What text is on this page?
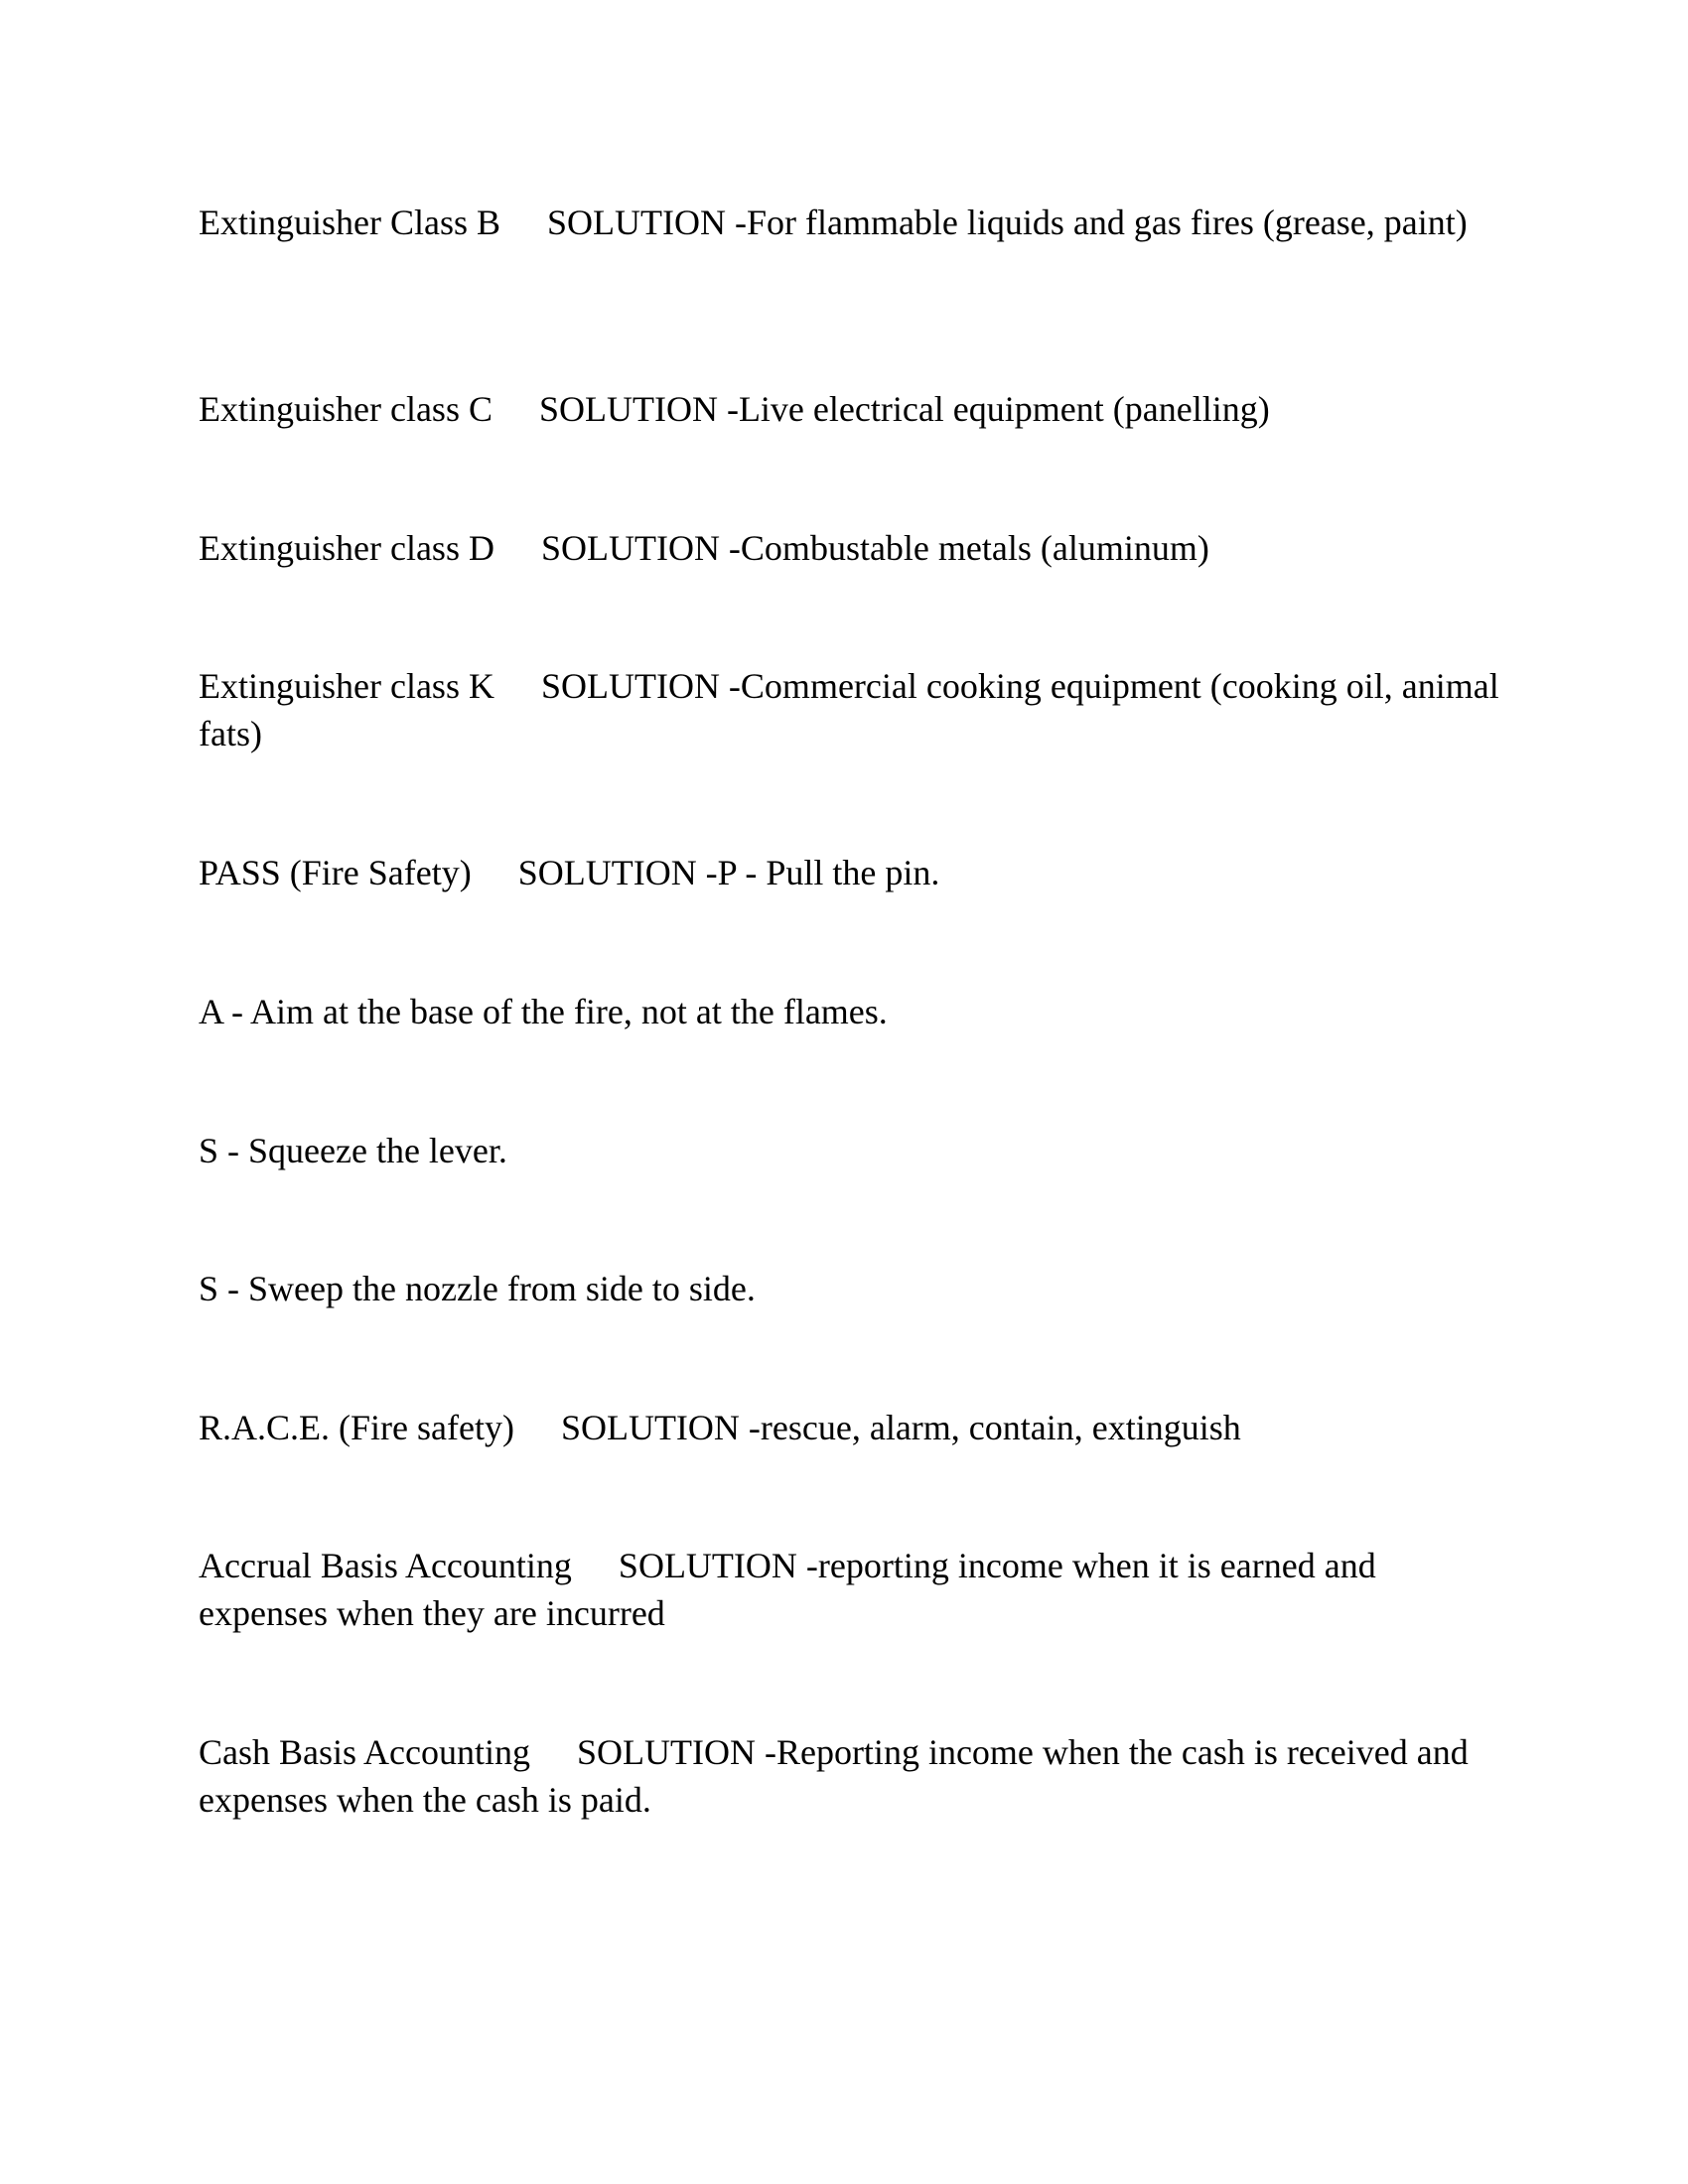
Extinguisher Class B SOLUTION -For flammable liquids and gas fires (grease, paint)

Extinguisher class C SOLUTION -Live electrical equipment (panelling)

Extinguisher class D SOLUTION -Combustable metals (aluminum)

Extinguisher class K SOLUTION -Commercial cooking equipment (cooking oil, animal fats)

PASS (Fire Safety) SOLUTION -P - Pull the pin.

A - Aim at the base of the fire, not at the flames.

S - Squeeze the lever.

S - Sweep the nozzle from side to side.

R.A.C.E. (Fire safety) SOLUTION -rescue, alarm, contain, extinguish

Accrual Basis Accounting SOLUTION -reporting income when it is earned and expenses when they are incurred

Cash Basis Accounting SOLUTION -Reporting income when the cash is received and expenses when the cash is paid.
